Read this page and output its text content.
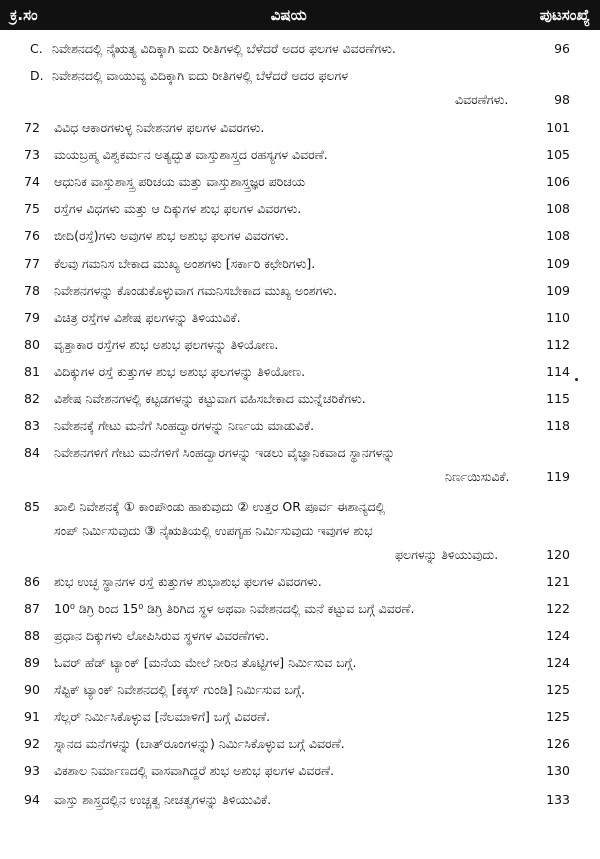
ಕ್ರ.ಸಂ	ವಿಷಯ	ಪುಟಸಂಖ್ಯೆ
C. ನಿವೇಶನದಲ್ಲಿ ನೈಋತ್ಯ ವಿದಿಕ್ಕಾಗಿ ಐದು ರೀತಿಗಳಲ್ಲಿ ಬೆಳೆದರೆ ಅದರ ಫಲಗಳ ವಿವರಣೆಗಳು.	96
D. ನಿವೇಶನದಲ್ಲಿ ವಾಯುವ್ಯ ವಿದಿಕ್ಕಾಗಿ ಐದು ರೀತಿಗಳಲ್ಲಿ ಬೆಳೆದರೆ ಅದರ ಫಲಗಳ
ವಿವರಣೆಗಳು.	98
72	ವಿವಿಧ ಆಕಾರಗಳುಳ್ಳ ನಿವೇಶನಗಳ ಫಲಗಳ ವಿವರಗಳು.	101
73	ಮಯಬ್ರಹ್ಮ ವಿಶ್ವಕರ್ಮನ ಅತ್ಯದ್ಭುತ ವಾಸ್ತುಶಾಸ್ತ್ರದ ರಹಸ್ಯಗಳ ವಿವರಣೆ.	105
74	ಆಧುನಿಕ ವಾಸ್ತುಶಾಸ್ತ್ರ ಪರಿಚಯ ಮತ್ತು ವಾಸ್ತುಶಾಸ್ತ್ರಜ್ಞರ ಪರಿಚಯ	106
75	ರಸ್ತೆಗಳ ವಿಧಗಳು ಮತ್ತು ಆ ದಿಕ್ಕುಗಳ ಶುಭ ಫಲಗಳ ವಿವರಗಳು.	108
76	ಬೀದಿ(ರಸ್ತೆ)ಗಳು ಅವುಗಳ ಶುಭ ಅಶುಭ ಫಲಗಳ ವಿವರಗಳು.	108
77	ಕೆಲವು ಗಮನಿಸ ಬೇಕಾದ ಮುಖ್ಯ ಅಂಶಗಳು [ಸರ್ಕಾರಿ ಕಛೇರಿಗಳು].	109
78	ನಿವೇಶನಗಳನ್ನು ಕೊಂಡುಕೊಳ್ಳುವಾಗ ಗಮನಿಸಬೇಕಾದ ಮುಖ್ಯ ಅಂಶಗಳು.	109
79	ವಿಚಿತ್ರ ರಸ್ತೆಗಳ ವಿಶೇಷ ಫಲಗಳನ್ನು ತಿಳಿಯುವಿಕೆ.	110
80	ವೃತ್ತಾಕಾರ ರಸ್ತೆಗಳ ಶುಭ ಅಶುಭ ಫಲಗಳನ್ನು ತಿಳಿಯೋಣ.	112
81	ವಿದಿಕ್ಕುಗಳ ರಸ್ತೆ ಕುತ್ತುಗಳ ಶುಭ ಅಶುಭ ಫಲಗಳನ್ನು ತಿಳಿಯೋಣ.	114
82	ವಿಶೇಷ ನಿವೇಶನಗಳಲ್ಲಿ ಕಟ್ಟಡಗಳನ್ನು ಕಟ್ಟುವಾಗ ವಹಿಸಬೇಕಾದ ಮುನ್ನೆಚರಿಕೆಗಳು.	115
83	ನಿವೇಶನಕ್ಕೆ ಗೇಟು ಮನೆಗೆ ಸಿಂಹದ್ವಾರಗಳನ್ನು ನಿರ್ಣಯ ಮಾಡುವಿಕೆ.	118
84	ನಿವೇಶನಗಳಿಗೆ ಗೇಟು ಮನೆಗಳಿಗೆ ಸಿಂಹದ್ವಾರಗಳನ್ನು ಇಡಲು ವೈಜ್ಞಾನಿಕವಾದ ಸ್ಥಾನಗಳನ್ನು
ನಿರ್ಣಯಿಸುವಿಕೆ.	119
85	ಖಾಲಿ ನಿವೇಶನಕ್ಕೆ ① ಕಾಂಪೌಂಡು ಹಾಕುವುದು ② ಉತ್ತರ OR ಪೂರ್ವ ಈಶಾನ್ಯದಲ್ಲಿ
ಸಂಪ್ ನಿರ್ಮಿಸುವುದು ③ ನೈಋತಿಯಲ್ಲಿ ಉಪಗೃಹ ನಿರ್ಮಿಸುವುದು ಇವುಗಳ ಶುಭ
ಫಲಗಳನ್ನು ತಿಳಿಯುವುದು.	120
86	ಶುಭ ಉಚ್ಛ ಸ್ಥಾನಗಳ ರಸ್ತೆ ಕುತ್ತುಗಳ ಶುಭಾಶುಭ ಫಲಗಳ ವಿವರಗಳು.	121
87	10⁰ ಡಿಗ್ರಿ ರಿಂದ 15⁰ ಡಿಗ್ರಿ ತಿರಿಗಿದ ಸ್ಥಳ ಅಥವಾ ನಿವೇಶನದಲ್ಲಿ ಮನೆ ಕಟ್ಟುವ ಬಗ್ಗೆ ವಿವರಣೆ.	122
88	ಪ್ರಧಾನ ದಿಕ್ಕುಗಳು ಲೋಪಿಸಿರುವ ಸ್ಥಳಗಳ ವಿವರಣೆಗಳು.	124
89	ಓವರ್ ಹೆಡ್ ಟ್ಯಾಂಕ್ [ಮನೆಯ ಮೇಲೆ ನೀರಿನ ತೊಟ್ಟಿಗಳ] ನಿರ್ಮಿಸುವ ಬಗ್ಗೆ.	124
90	ಸೆಪ್ಟಿಕ್ ಟ್ಯಾಂಕ್ ನಿವೇಶನದಲ್ಲಿ [ಕಕ್ಕಸ್ ಗುಂಡಿ] ನಿರ್ಮಿಸುವ ಬಗ್ಗೆ.	125
91	ಸೆಲ್ಲರ್ ನಿರ್ಮಿಸಿಕೊಳ್ಳುವ [ನೆಲಮಾಳಿಗೆ] ಬಗ್ಗೆ ವಿವರಣೆ.	125
92	ಸ್ನಾನದ ಮನೆಗಳನ್ನು (ಬಾತ್‌ರೂಂಗಳನ್ನು) ನಿರ್ಮಿಸಿಕೊಳ್ಳುವ ಬಗ್ಗೆ ವಿವರಣೆ.	126
93	ವಿಕಶಾಲ ನಿರ್ಮಾಣದಲ್ಲಿ ವಾಸವಾಗಿದ್ದರೆ ಶುಭ ಅಶುಭ ಫಲಗಳ ವಿವರಣೆ.	130
94	ವಾಸ್ತು ಶಾಸ್ತ್ರದಲ್ಲಿನ ಉಚ್ಚತ್ವ ನೀಚತ್ವಗಳನ್ನು ತಿಳಿಯುವಿಕೆ.	133
